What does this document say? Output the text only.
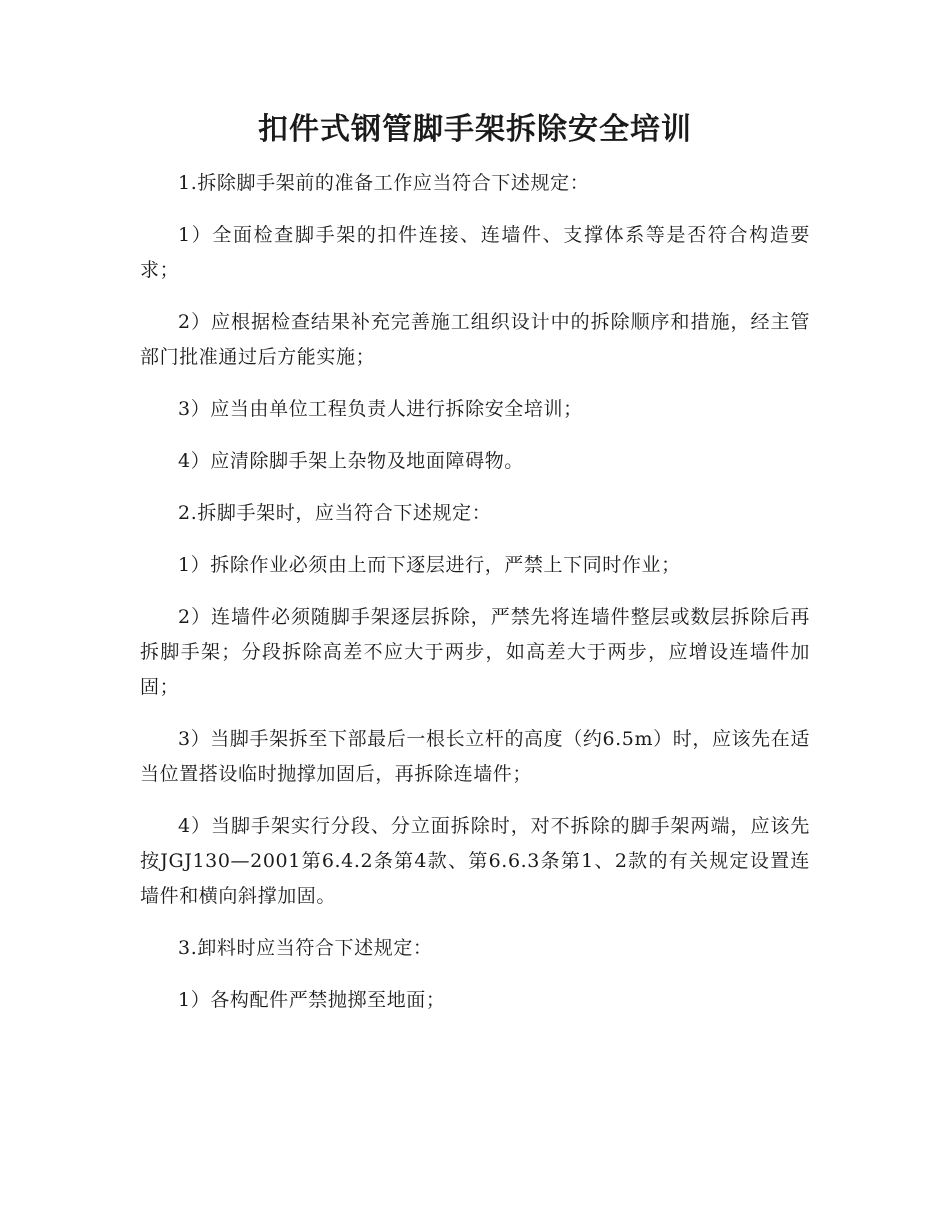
扣件式钢管脚手架拆除安全培训

1.拆除脚手架前的准备工作应当符合下述规定：

1）全面检查脚手架的扣件连接、连墙件、支撑体系等是否符合构造要求；

2）应根据检查结果补充完善施工组织设计中的拆除顺序和措施，经主管部门批准通过后方能实施；

3）应当由单位工程负责人进行拆除安全培训；

4）应清除脚手架上杂物及地面障碍物。

2.拆脚手架时，应当符合下述规定：

1）拆除作业必须由上而下逐层进行，严禁上下同时作业；

2）连墙件必须随脚手架逐层拆除，严禁先将连墙件整层或数层拆除后再拆脚手架；分段拆除高差不应大于两步，如高差大于两步，应增设连墙件加固；

3）当脚手架拆至下部最后一根长立杆的高度（约6.5m）时，应该先在适当位置搭设临时抛撑加固后，再拆除连墙件；

4）当脚手架实行分段、分立面拆除时，对不拆除的脚手架两端，应该先按JGJ130—2001第6.4.2条第4款、第6.6.3条第1、2款的有关规定设置连墙件和横向斜撑加固。

3.卸料时应当符合下述规定：

1）各构配件严禁抛掷至地面；
